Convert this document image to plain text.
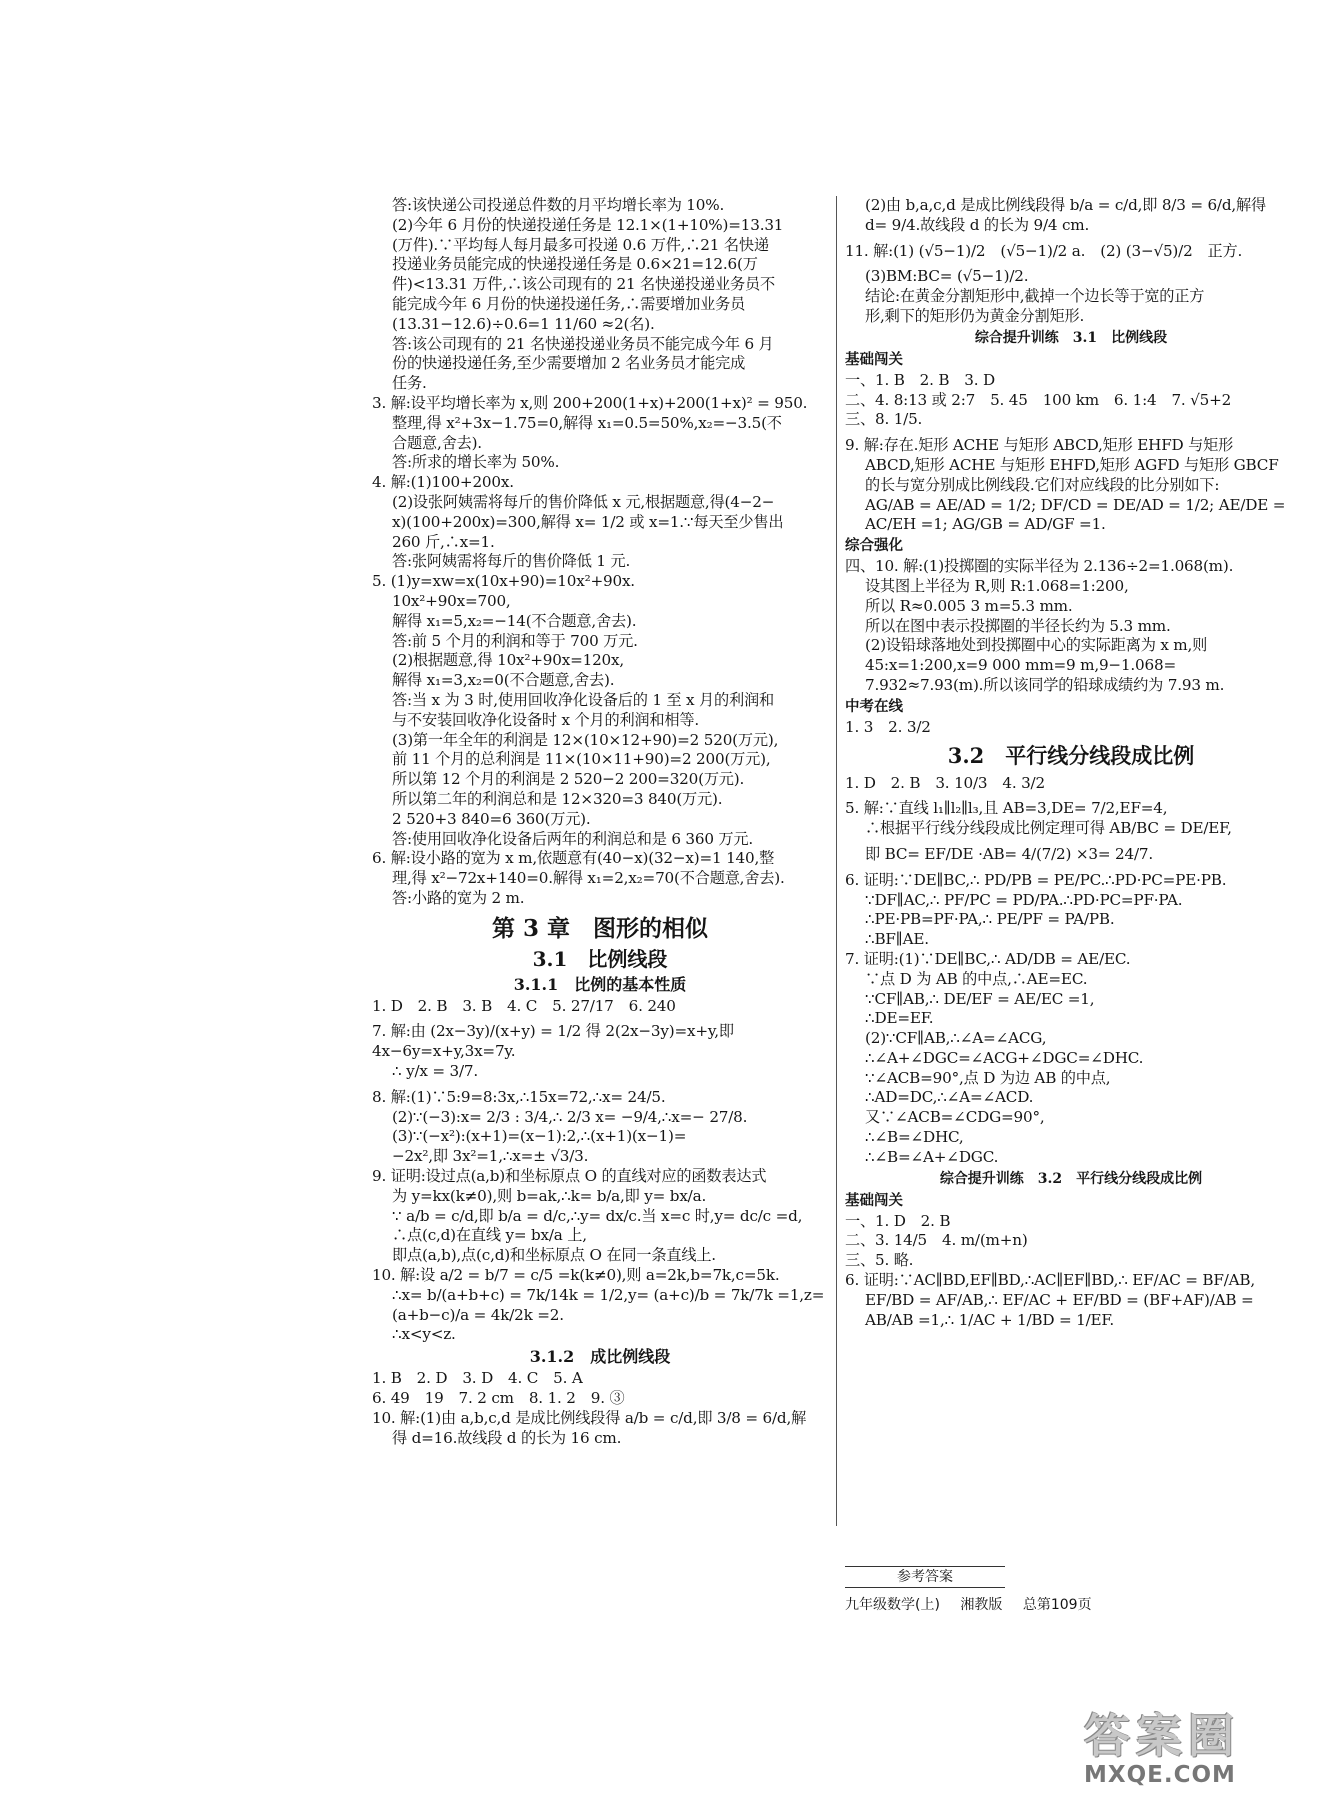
答:该快递公司投递总件数的月平均增长率为 10%.
(2)今年 6 月份的快递投递任务是 12.1×(1+10%)=13.31
(万件).∵平均每人每月最多可投递 0.6 万件,∴21 名快递
投递业务员能完成的快递投递任务是 0.6×21=12.6(万
件)<13.31 万件,∴该公司现有的 21 名快递投递业务员不
能完成今年 6 月份的快递投递任务,∴需要增加业务员
(13.31−12.6)÷0.6=1 11/60 ≈2(名).
答:该公司现有的 21 名快递投递业务员不能完成今年 6 月
份的快递投递任务,至少需要增加 2 名业务员才能完成
任务.
3. 解:设平均增长率为 x,则 200+200(1+x)+200(1+x)² = 950.
整理,得 x²+3x−1.75=0,解得 x₁=0.5=50%,x₂=−3.5(不
合题意,舍去).
答:所求的增长率为 50%.
4. 解:(1)100+200x.
(2)设张阿姨需将每斤的售价降低 x 元,根据题意,得(4−2−
x)(100+200x)=300,解得 x= 1/2 或 x=1.∵每天至少售出
260 斤,∴x=1.
答:张阿姨需将每斤的售价降低 1 元.
5. (1)y=xw=x(10x+90)=10x²+90x.
10x²+90x=700,
解得 x₁=5,x₂=−14(不合题意,舍去).
答:前 5 个月的利润和等于 700 万元.
(2)根据题意,得 10x²+90x=120x,
解得 x₁=3,x₂=0(不合题意,舍去).
答:当 x 为 3 时,使用回收净化设备后的 1 至 x 月的利润和
与不安装回收净化设备时 x 个月的利润和相等.
(3)第一年全年的利润是 12×(10×12+90)=2 520(万元),
前 11 个月的总利润是 11×(10×11+90)=2 200(万元),
所以第 12 个月的利润是 2 520−2 200=320(万元).
所以第二年的利润总和是 12×320=3 840(万元).
2 520+3 840=6 360(万元).
答:使用回收净化设备后两年的利润总和是 6 360 万元.
6. 解:设小路的宽为 x m,依题意有(40−x)(32−x)=1 140,整
理,得 x²−72x+140=0.解得 x₁=2,x₂=70(不合题意,舍去).
答:小路的宽为 2 m.
第 3 章　图形的相似
3.1　比例线段
3.1.1　比例的基本性质
1. D　2. B　3. B　4. C　5. 27/17　6. 240
7. 解:由 (2x−3y)/(x+y) = 1/2 得 2(2x−3y)=x+y,即 4x−6y=x+y,3x=7y.
∴ y/x = 3/7.
8. 解:(1)∵5:9=8:3x,∴15x=72,∴x= 24/5.
(2)∵(−3):x= 2/3 : 3/4,∴ 2/3 x= −9/4,∴x=− 27/8.
(3)∵(−x²):(x+1)=(x−1):2,∴(x+1)(x−1)=
−2x²,即 3x²=1,∴x=± √3/3.
9. 证明:设过点(a,b)和坐标原点 O 的直线对应的函数表达式
为 y=kx(k≠0),则 b=ak,∴k= b/a,即 y= bx/a.
∵ a/b = c/d,即 b/a = d/c,∴y= dx/c.当 x=c 时,y= dc/c =d,
∴点(c,d)在直线 y= bx/a 上,
即点(a,b),点(c,d)和坐标原点 O 在同一条直线上.
10. 解:设 a/2 = b/7 = c/5 =k(k≠0),则 a=2k,b=7k,c=5k.
∴x= b/(a+b+c) = 7k/14k = 1/2,y= (a+c)/b = 7k/7k =1,z= (a+b−c)/a = 4k/2k =2.
∴x<y<z.
3.1.2　成比例线段
1. B　2. D　3. D　4. C　5. A
6. 49　19　7. 2 cm　8. 1. 2　9. ③
10. 解:(1)由 a,b,c,d 是成比例线段得 a/b = c/d,即 3/8 = 6/d,解
得 d=16.故线段 d 的长为 16 cm.
(2)由 b,a,c,d 是成比例线段得 b/a = c/d,即 8/3 = 6/d,解得
d= 9/4.故线段 d 的长为 9/4 cm.
11. 解:(1) (√5−1)/2　(√5−1)/2 a.　(2) (3−√5)/2　正方.
(3)BM:BC= (√5−1)/2.
结论:在黄金分割矩形中,截掉一个边长等于宽的正方
形,剩下的矩形仍为黄金分割矩形.
综合提升训练　3.1　比例线段
基础闯关
一、1. B　2. B　3. D
二、4. 8:13 或 2:7　5. 45　100 km　6. 1:4　7. √5+2
三、8. 1/5.
9. 解:存在.矩形 ACHE 与矩形 ABCD,矩形 EHFD 与矩形
ABCD,矩形 ACHE 与矩形 EHFD,矩形 AGFD 与矩形 GBCF
的长与宽分别成比例线段.它们对应线段的比分别如下:
AG/AB = AE/AD = 1/2; DF/CD = DE/AD = 1/2; AE/DE = AC/EH =1; AG/GB = AD/GF =1.
综合强化
四、10. 解:(1)投掷圈的实际半径为 2.136÷2=1.068(m).
设其图上半径为 R,则 R:1.068=1:200,
所以 R≈0.005 3 m=5.3 mm.
所以在图中表示投掷圈的半径长约为 5.3 mm.
(2)设铅球落地处到投掷圈中心的实际距离为 x m,则
45:x=1:200,x=9 000 mm=9 m,9−1.068=
7.932≈7.93(m).所以该同学的铅球成绩约为 7.93 m.
中考在线
1. 3　2. 3/2
3.2　平行线分线段成比例
1. D　2. B　3. 10/3　4. 3/2
5. 解:∵直线 l₁∥l₂∥l₃,且 AB=3,DE= 7/2,EF=4,
∴根据平行线分线段成比例定理可得 AB/BC = DE/EF,
即 BC= EF/DE ·AB= 4/(7/2) ×3= 24/7.
6. 证明:∵DE∥BC,∴ PD/PB = PE/PC.∴PD·PC=PE·PB.
∵DF∥AC,∴ PF/PC = PD/PA.∴PD·PC=PF·PA.
∴PE·PB=PF·PA,∴ PE/PF = PA/PB.
∴BF∥AE.
7. 证明:(1)∵DE∥BC,∴ AD/DB = AE/EC.
∵点 D 为 AB 的中点,∴AE=EC.
∵CF∥AB,∴ DE/EF = AE/EC =1,
∴DE=EF.
(2)∵CF∥AB,∴∠A=∠ACG,
∴∠A+∠DGC=∠ACG+∠DGC=∠DHC.
∵∠ACB=90°,点 D 为边 AB 的中点,
∴AD=DC,∴∠A=∠ACD.
又∵∠ACB=∠CDG=90°,
∴∠B=∠DHC,
∴∠B=∠A+∠DGC.
综合提升训练　3.2　平行线分线段成比例
基础闯关
一、1. D　2. B
二、3. 14/5　4. m/(m+n)
三、5. 略.
6. 证明:∵AC∥BD,EF∥BD,∴AC∥EF∥BD,∴ EF/AC = BF/AB,
EF/BD = AF/AB,∴ EF/AC + EF/BD = (BF+AF)/AB = AB/AB =1,∴ 1/AC + 1/BD = 1/EF.
参考答案
九年级数学(上) 湘教版 总第109页
答案圈
MXQE.COM
